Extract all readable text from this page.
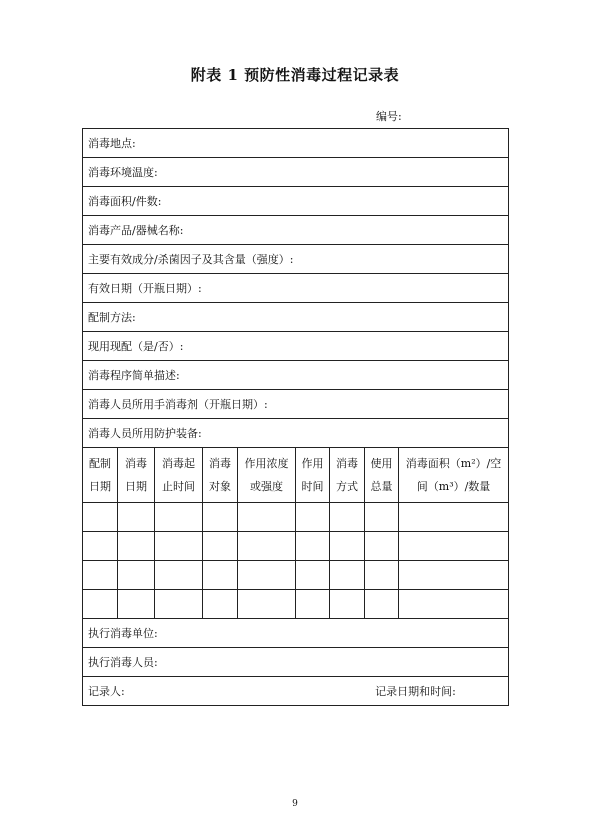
附表 1 预防性消毒过程记录表
编号:
消毒地点:								
消毒环境温度:								
消毒面积/件数:								
消毒产品/器械名称:								
主要有效成分/杀菌因子及其含量（强度）:								
有效日期（开瓶日期）:								
配制方法:								
现用现配（是/否）:								
消毒程序简单描述:								
消毒人员所用手消毒剂（开瓶日期）:								
消毒人员所用防护装备:								
配制日期	消毒日期	消毒起止时间	消毒对象	作用浓度或强度	作用时间	消毒方式	使用总量	消毒面积（m²）/空间（m³）/数量

执行消毒单位:								
执行消毒人员:								

记录人: 记录日期和时间:								
9
